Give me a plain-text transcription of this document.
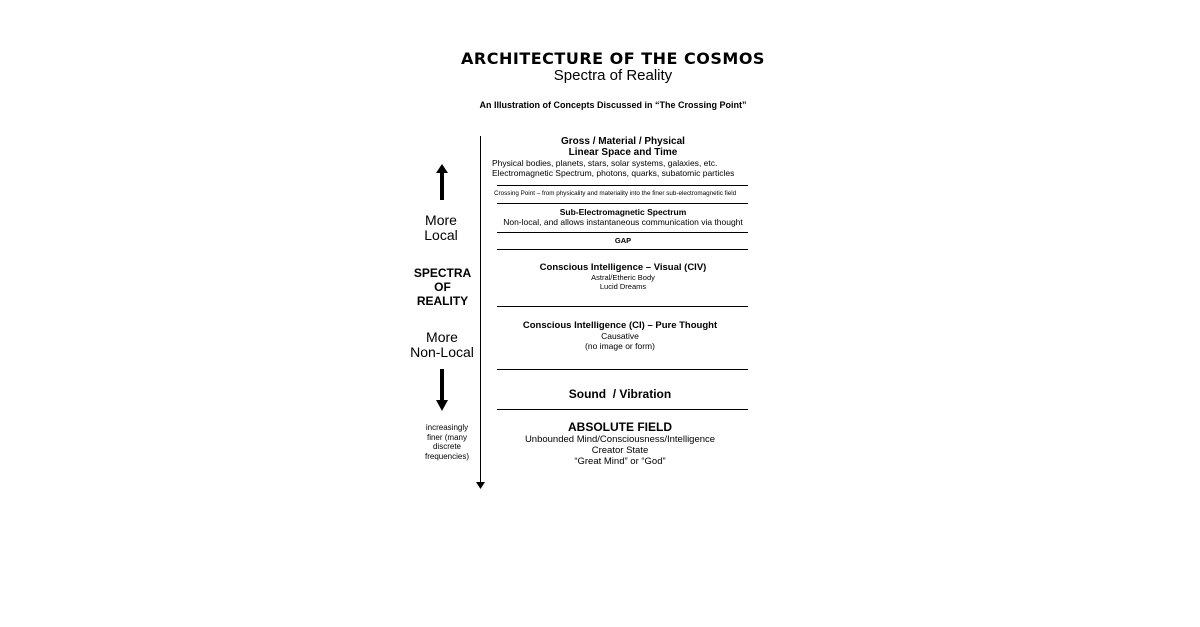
ARCHITECTURE OF THE COSMOS
Spectra of Reality
An Illustration of Concepts Discussed in “The Crossing Point”
More
Local
SPECTRA
OF
REALITY
More
Non-Local
increasingly
finer (many
discrete
frequencies)
Gross / Material / Physical
Linear Space and Time
Physical bodies, planets, stars, solar systems, galaxies, etc.
Electromagnetic Spectrum, photons, quarks, subatomic particles
Crossing Point – from physicality and materiality into the finer sub-electromagnetic field
Sub-Electromagnetic Spectrum
Non-local, and allows instantaneous communication via thought
GAP
Conscious Intelligence – Visual (CIV)
Astral/Etheric Body
Lucid Dreams
Conscious Intelligence (CI) – Pure Thought
Causative
(no image or form)
Sound  / Vibration
ABSOLUTE FIELD
Unbounded Mind/Consciousness/Intelligence
Creator State
“Great Mind” or “God”
